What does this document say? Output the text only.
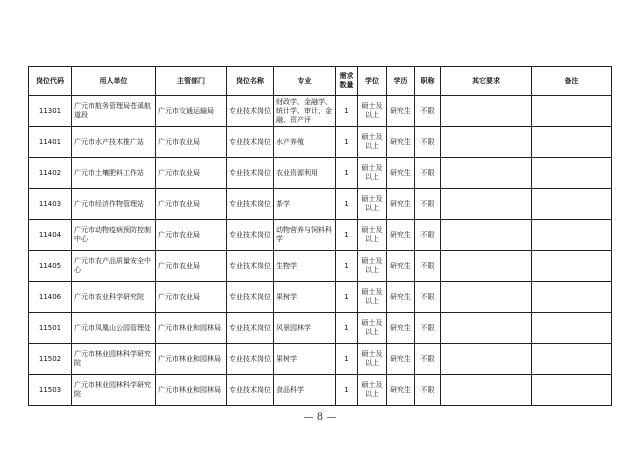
岗位代码	用人单位	主管部门	岗位名称	专业	需求数量	学位	学历	职称	其它要求	备注
11301	广元市航务管理局苍溪航道段	广元市交通运输局	专业技术岗位	财政学、金融学、统计学、审计、金融、资产评	1	硕士及以上	研究生	不限		
11401	广元市水产技术推广站	广元市农业局	专业技术岗位	水产养殖	1	硕士及以上	研究生	不限		
11402	广元市土壤肥料工作站	广元市农业局	专业技术岗位	农业资源利用	1	硕士及以上	研究生	不限		
11403	广元市经济作物管理站	广元市农业局	专业技术岗位	茶学	1	硕士及以上	研究生	不限		
11404	广元市动物疫病预防控制中心	广元市农业局	专业技术岗位	动物营养与饲料科学	1	硕士及以上	研究生	不限		
11405	广元市农产品质量安全中心	广元市农业局	专业技术岗位	生物学	1	硕士及以上	研究生	不限		
11406	广元市农业科学研究院	广元市农业局	专业技术岗位	果树学	1	硕士及以上	研究生	不限		
11501	广元市凤凰山公园管理处	广元市林业和园林局	专业技术岗位	风景园林学	1	硕士及以上	研究生	不限		
11502	广元市林业园林科学研究院	广元市林业和园林局	专业技术岗位	果树学	1	硕士及以上	研究生	不限		
11503	广元市林业园林科学研究院	广元市林业和园林局	专业技术岗位	食品科学	1	硕士及以上	研究生	不限		
— 8 —
